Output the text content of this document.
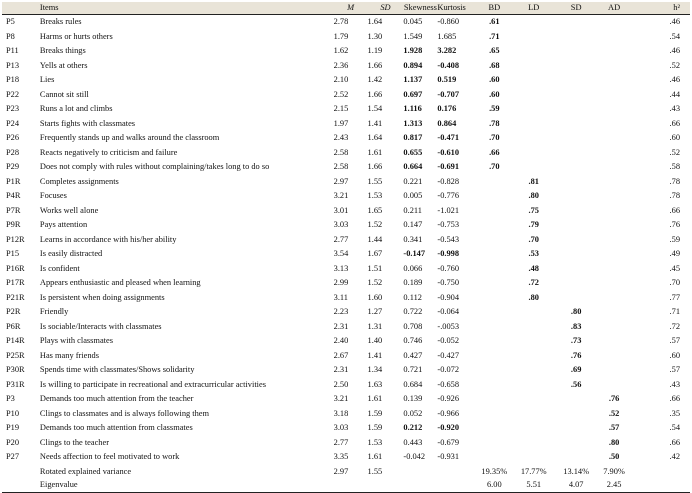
	Items	M	SD	Skewness	Kurtosis	BD	LD	SD	AD	h²
P5	Breaks rules	2.78	1.64	0.045	-0.860	.61				.46
P8	Harms or hurts others	1.79	1.30	1.549	1.685	.71				.54
P11	Breaks things	1.62	1.19	1.928	3.282	.65				.46
P13	Yells at others	2.36	1.66	0.894	-0.408	.68				.52
P18	Lies	2.10	1.42	1.137	0.519	.60				.46
P22	Cannot sit still	2.52	1.66	0.697	-0.707	.60				.44
P23	Runs a lot and climbs	2.15	1.54	1.116	0.176	.59				.43
P24	Starts fights with classmates	1.97	1.41	1.313	0.864	.78				.66
P26	Frequently stands up and walks around the classroom	2.43	1.64	0.817	-0.471	.70				.60
P28	Reacts negatively to criticism and failure	2.58	1.61	0.655	-0.610	.66				.52
P29	Does not comply with rules without complaining/takes long to do so	2.58	1.66	0.664	-0.691	.70				.58
P1R	Completes assignments	2.97	1.55	0.221	-0.828		.81			.78
P4R	Focuses	3.21	1.53	0.005	-0.776		.80			.78
P7R	Works well alone	3.01	1.65	0.211	-1.021		.75			.66
P9R	Pays attention	3.03	1.52	0.147	-0.753		.79			.76
P12R	Learns in accordance with his/her ability	2.77	1.44	0.341	-0.543		.70			.59
P15	Is easily distracted	3.54	1.67	-0.147	-0.998		.53			.49
P16R	Is confident	3.13	1.51	0.066	-0.760		.48			.45
P17R	Appears enthusiastic and pleased when learning	2.99	1.52	0.189	-0.750		.72			.70
P21R	Is persistent when doing assignments	3.11	1.60	0.112	-0.904		.80			.77
P2R	Friendly	2.23	1.27	0.722	-0.064			.80		.71
P6R	Is sociable/Interacts with classmates	2.31	1.31	0.708	-.0053			.83		.72
P14R	Plays with classmates	2.40	1.40	0.746	-0.052			.73		.57
P25R	Has many friends	2.67	1.41	0.427	-0.427			.76		.60
P30R	Spends time with classmates/Shows solidarity	2.31	1.34	0.721	-0.072			.69		.57
P31R	Is willing to participate in recreational and extracurricular activities	2.50	1.63	0.684	-0.658			.56		.43
P3	Demands too much attention from the teacher	3.21	1.61	0.139	-0.926				.76	.66
P10	Clings to classmates and is always following them	3.18	1.59	0.052	-0.966				.52	.35
P19	Demands too much attention from classmates	3.03	1.59	0.212	-0.920				.57	.54
P20	Clings to the teacher	2.77	1.53	0.443	-0.679				.80	.66
P27	Needs affection to feel motivated to work	3.35	1.61	-0.042	-0.931				.50	.42
	Rotated explained variance	2.97	1.55			19.35%	17.77%	13.14%	7.90%	
	Eigenvalue					6.00	5.51	4.07	2.45	
